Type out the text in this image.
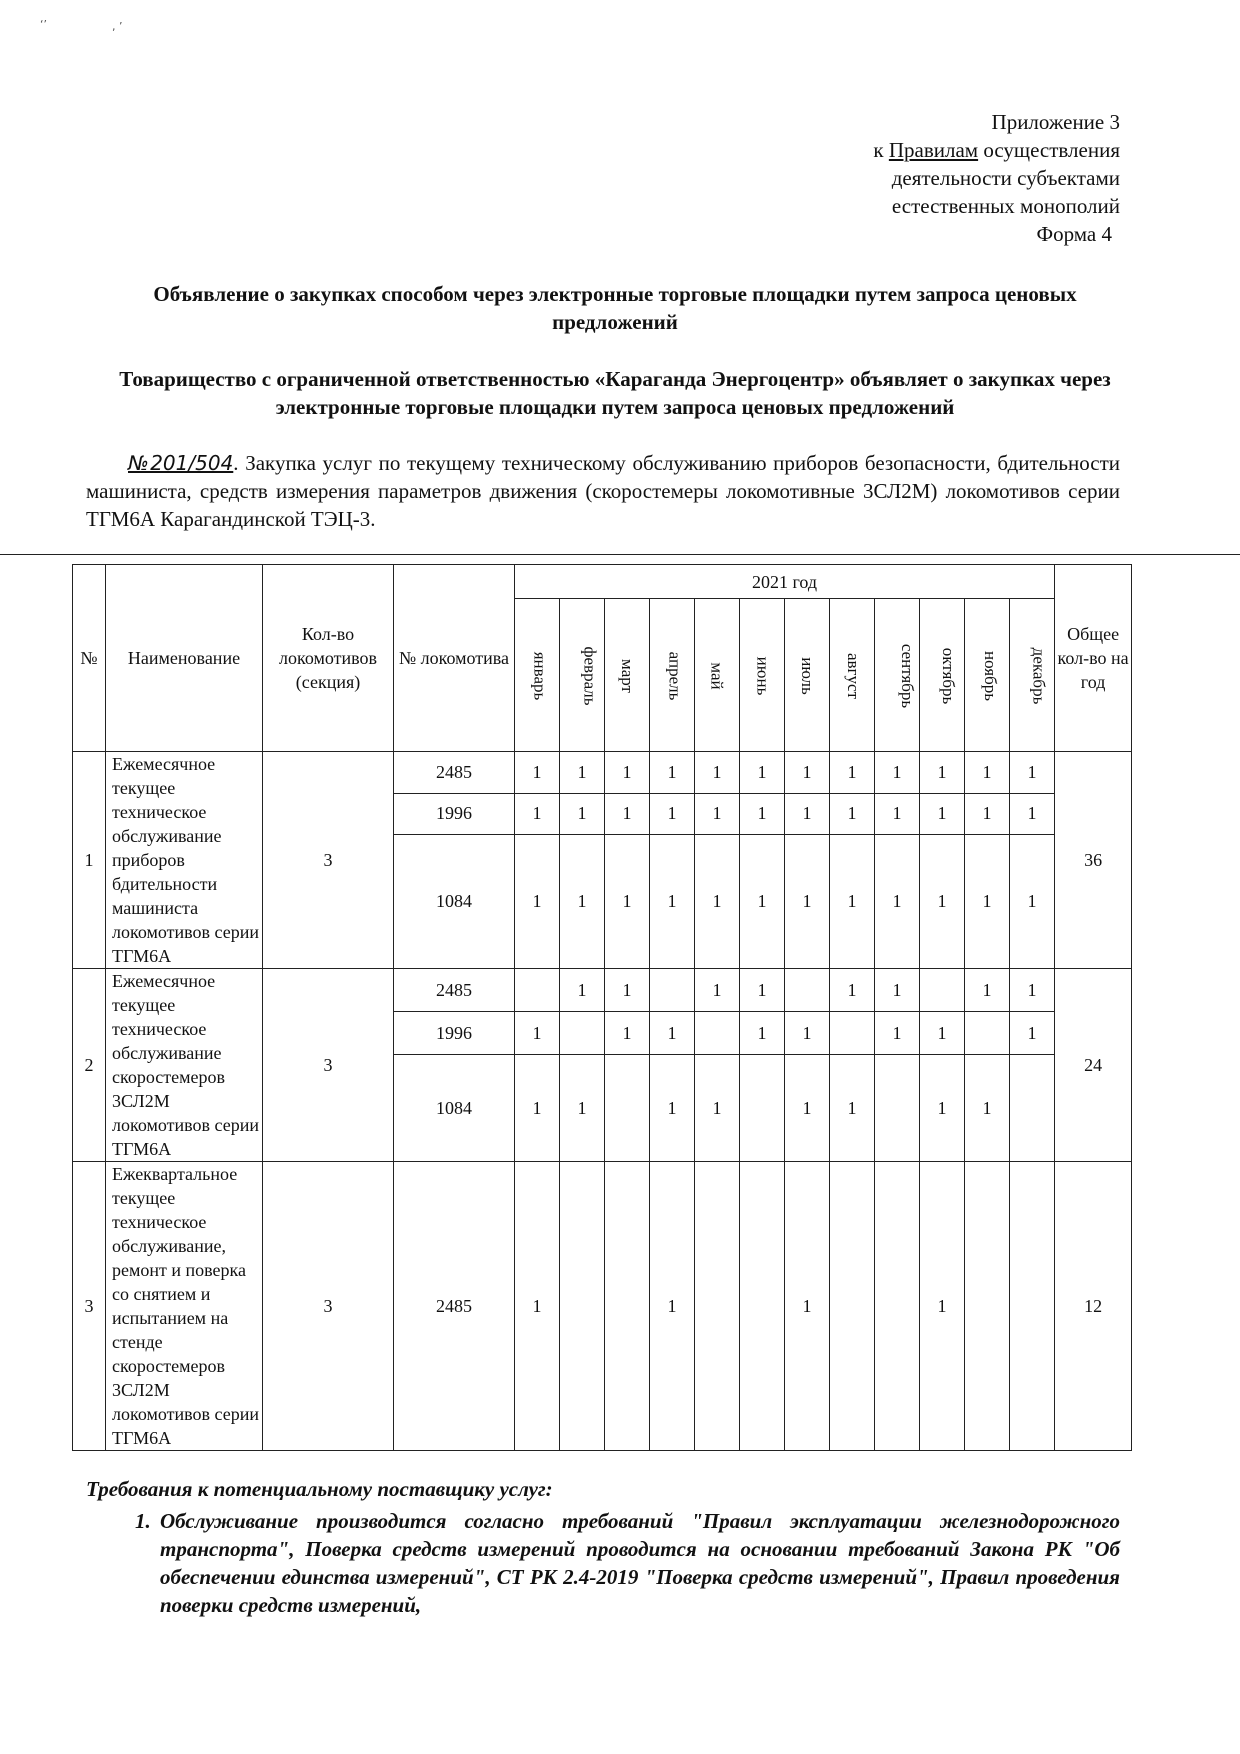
‘’	, ’
Приложение 3
к Правилам осуществления
деятельности субъектами
естественных монополий
Форма 4
Объявление о закупках способом через электронные торговые площадки путем запроса ценовых предложений
Товарищество с ограниченной ответственностью «Караганда Энергоцентр» объявляет о закупках через электронные торговые площадки путем запроса ценовых предложений
№201/504. Закупка услуг по текущему техническому обслуживанию приборов безопасности, бдительности машиниста, средств измерения параметров движения (скоростемеры локомотивные 3СЛ2М) локомотивов серии ТГМ6А Карагандинской ТЭЦ-3.
№	Наименование	Кол-во локомотивов (секция)	№ локомотива	2021 год												Общее кол-во на год
				январь	февраль	март	апрель	май	июнь	июль	август	сентябрь	октябрь	ноябрь	декабрь	
1	Ежемесячное текущее техническое обслуживание приборов бдительности машиниста локомотивов серии ТГМ6А	3	2485	1	1	1	1	1	1	1	1	1	1	1	1	36
			1996	1	1	1	1	1	1	1	1	1	1	1	1	
			1084	1	1	1	1	1	1	1	1	1	1	1	1	
2	Ежемесячное текущее техническое обслуживание скоростемеров 3СЛ2М локомотивов серии ТГМ6А	3	2485		1	1		1	1		1	1		1	1	24
			1996	1		1	1		1	1		1	1		1	
			1084	1	1		1	1		1	1		1	1		
3	Ежеквартальное текущее техническое обслуживание, ремонт и поверка со снятием и испытанием на стенде скоростемеров 3СЛ2М локомотивов серии ТГМ6А	3	2485	1			1			1			1			12
Требования к потенциальному поставщику услуг:
1. Обслуживание производится согласно требований "Правил эксплуатации железнодорожного транспорта", Поверка средств измерений проводится на основании требований Закона РК "Об обеспечении единства измерений", СТ РК 2.4-2019 "Поверка средств измерений", Правил проведения поверки средств измерений,
